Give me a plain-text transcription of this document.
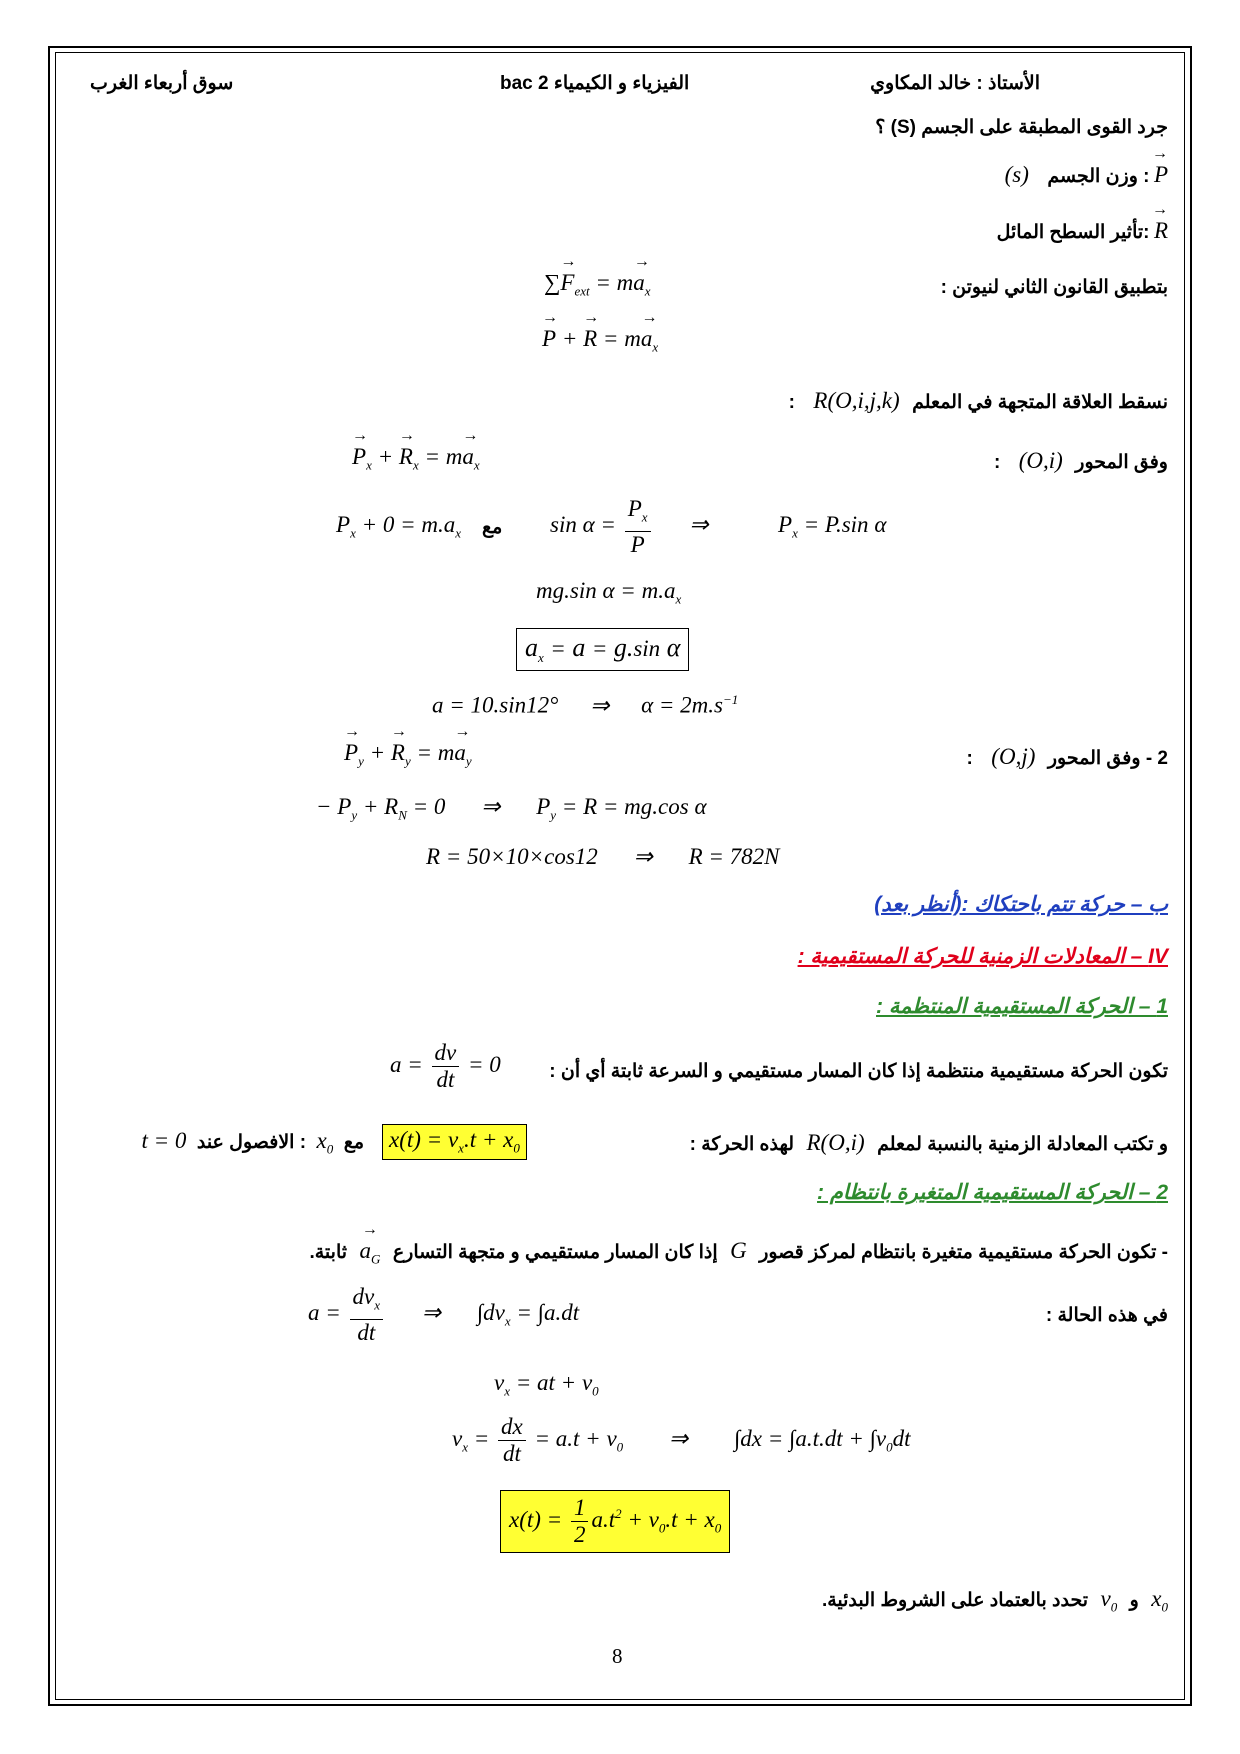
الأستاذ : خالد المكاوي
الفيزياء و الكيمياء 2 bac
سوق أربعاء الغرب
جرد القوى المطبقة على الجسم (S) ؟
→ P : وزن الجسم (s)
→ R :تأثير السطح المائل
بتطبيق القانون الثاني لنيوتن :
∑→ $F_{ext} = m\to a_x$
→ P + → $R = m\to a_x$
نسقط العلاقة المتجهة في المعلم R(O,i,j,k) :
وفق المحور (O,i) :
→ $P_x$ + → $R_x = m\to a_x$
$P_x + 0 = m.a_x$ مع $\sin \alpha = \frac{P_x}{P}$ ⇒	$P_x = P.\sin$ α
mg.sin $\alpha = m.a_x$
$a_x = a = g.\sin$ α
a = 10.sin12° ⇒ $\alpha = 2m.s^{-1}$
2 - وفق المحور (O,j) :
→ $P_y$ + → $R_y = m\to a_y$
− $P_y + R_N = 0$ ⇒ $P_y = R = mg.\cos$ α
R = 50×10×cos12 ⇒ R = 782N
ب – حركة تتم باحتكاك :(أنظر بعد)
IV – المعادلات الزمنية للحركة المستقيمية :
1 – الحركة المستقيمية المنتظمة :
تكون الحركة مستقيمية منتظمة إذا كان المسار مستقيمي و السرعة ثابتة أي أن :
$a = \frac{dv}{dt} = 0$
و تكتب المعادلة الزمنية بالنسبة لمعلم R(O,i) لهذه الحركة :
$x(t) = v_x.t + x_0$
مع $x_0$ : الافصول عند t = 0
2 – الحركة المستقيمية المتغيرة بانتظام :
- تكون الحركة مستقيمية متغيرة بانتظام لمركز قصور G إذا كان المسار مستقيمي و متجهة التسارع → $a_G$ ثابتة.
في هذه الحالة :
$a = \frac{dv_x}{dt}$ ⇒ $\int dv_x = \int a.dt$
$v_x$ = at + $v_0$
$v_x = \frac{dx}{dt} = a.t + v_0$ ⇒ $\int dx = \int a.t.dt + \int v_0dt$
$x(t) = \frac{1}{2} a.t^2 + v_0.t + x_0$
$x_0$ و $v_0$ تحدد بالعتماد على الشروط البدئية.
8
